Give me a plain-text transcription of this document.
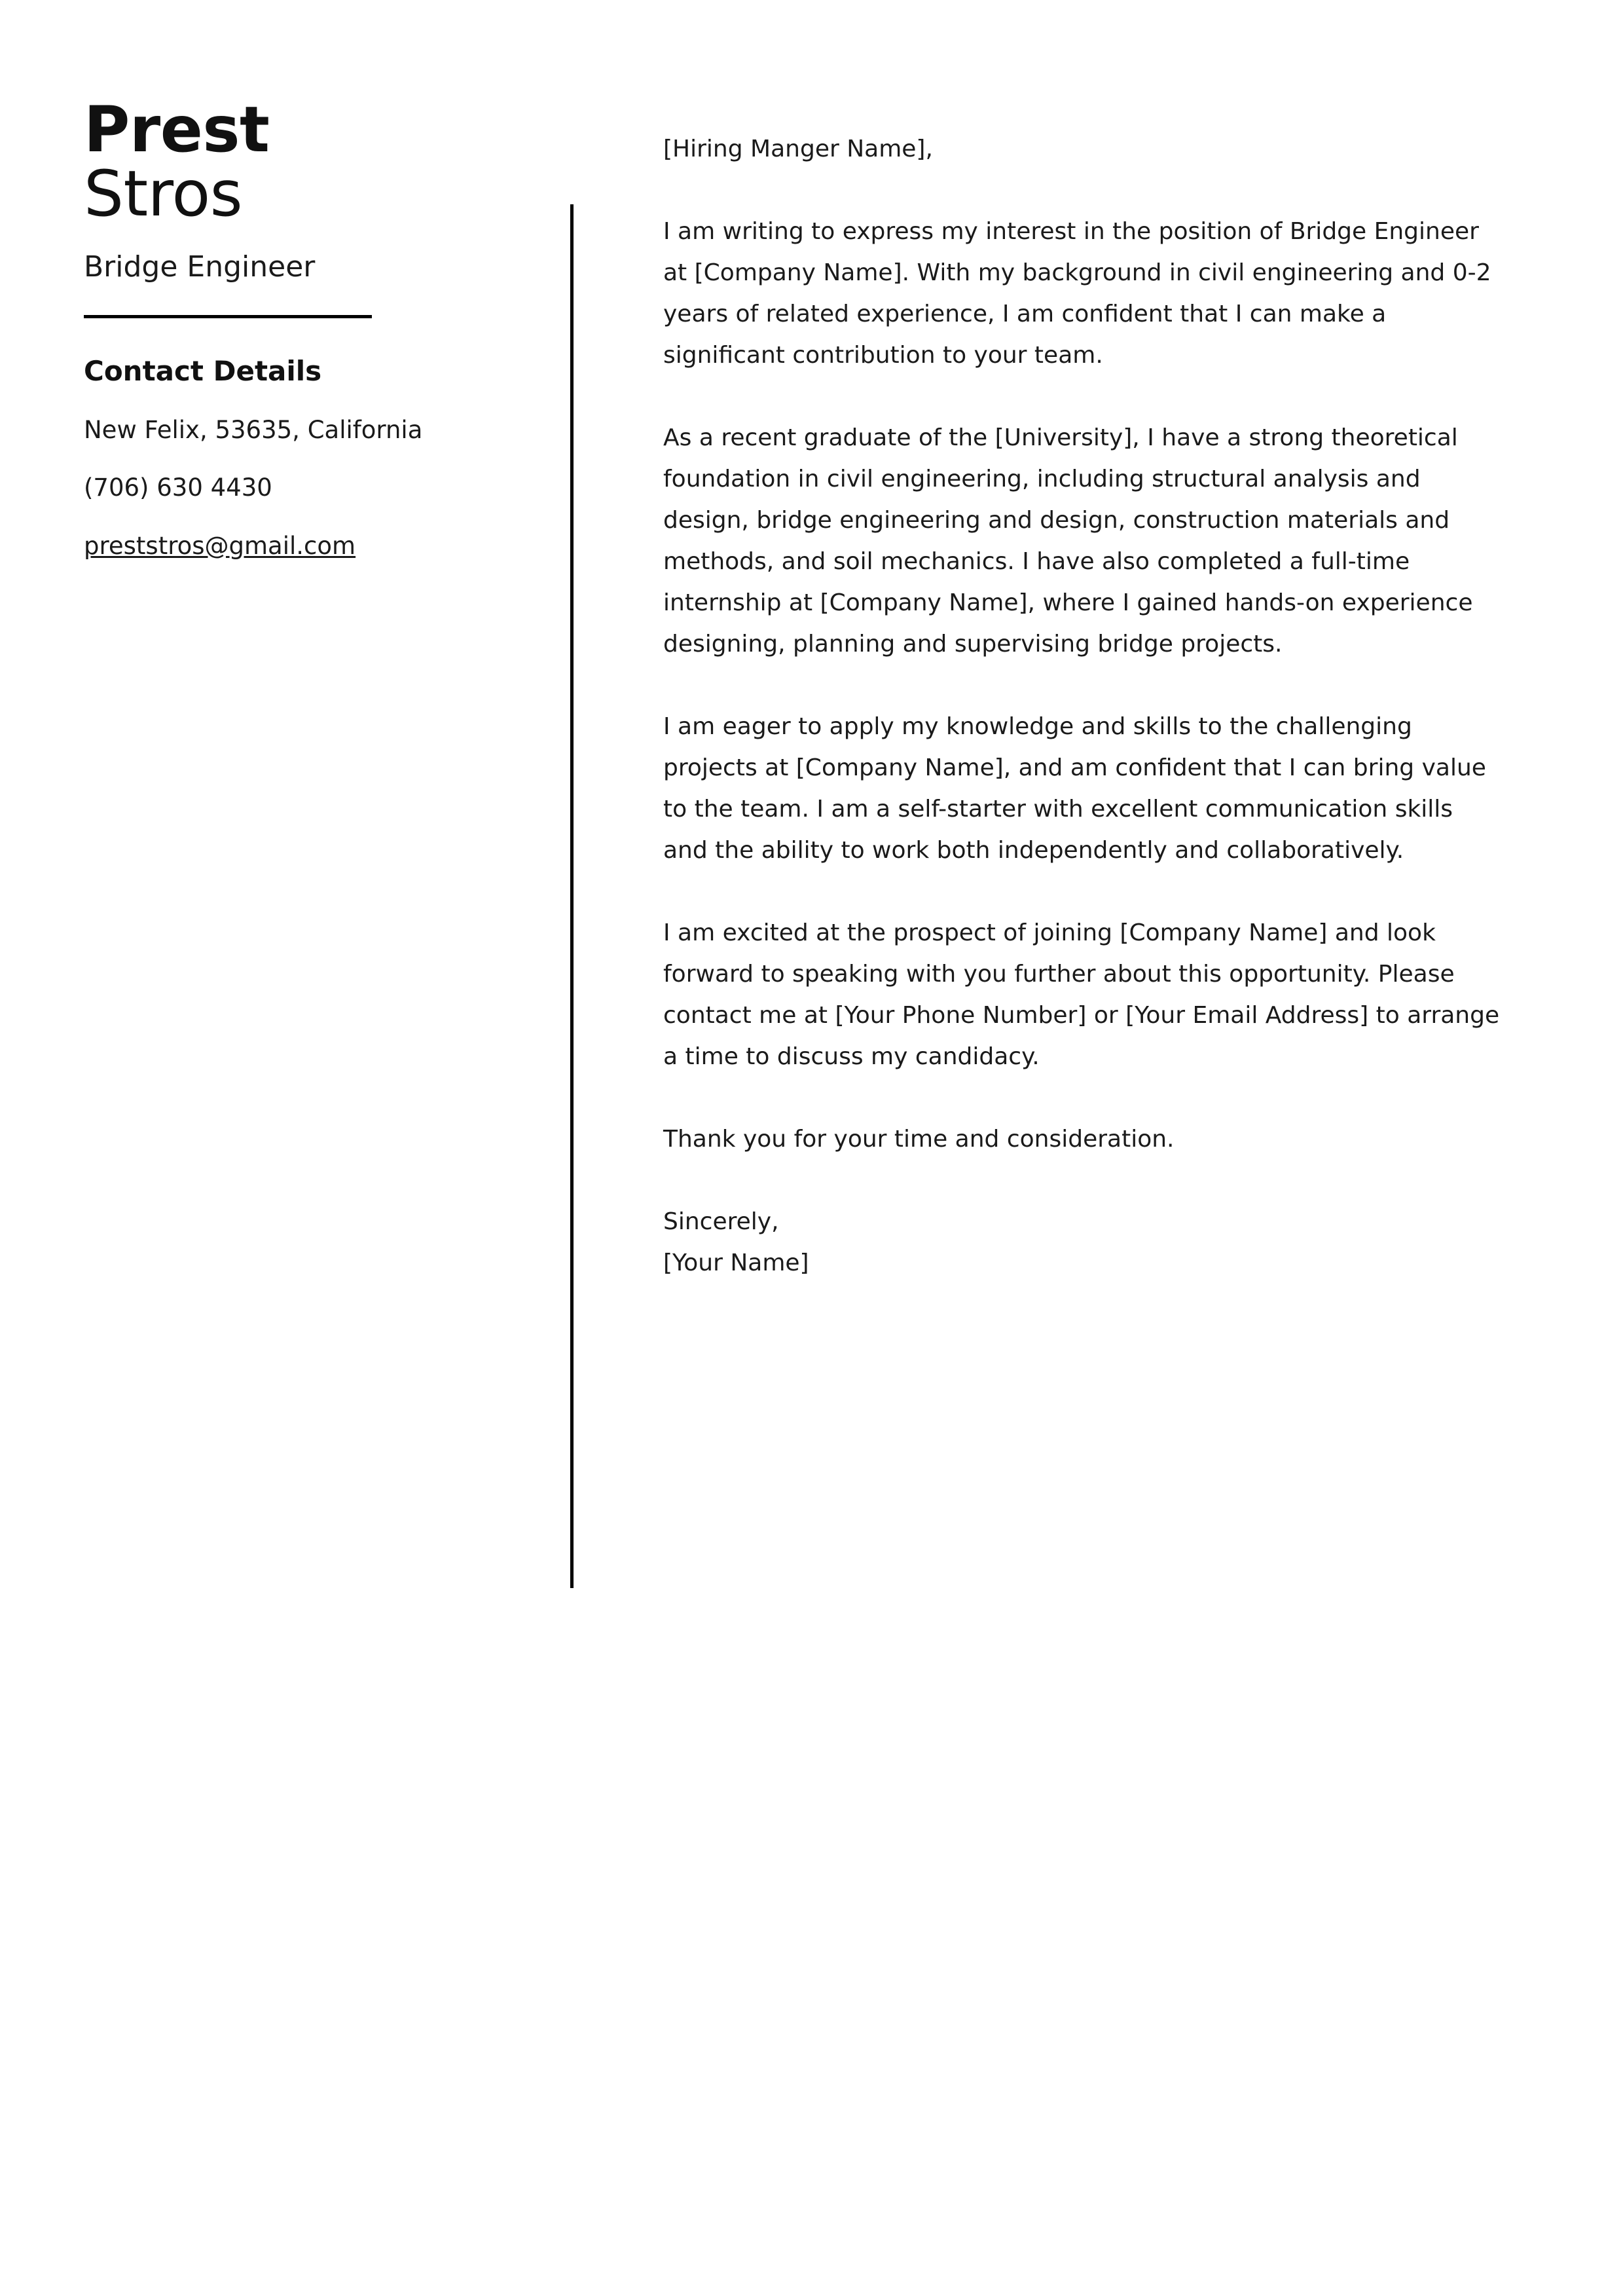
Prest
Stros
Bridge Engineer
Contact Details
New Felix, 53635, California
(706) 630 4430
preststros@gmail.com

[Hiring Manger Name],

I am writing to express my interest in the position of Bridge Engineer at [Company Name]. With my background in civil engineering and 0-2 years of related experience, I am confident that I can make a significant contribution to your team.

As a recent graduate of the [University], I have a strong theoretical foundation in civil engineering, including structural analysis and design, bridge engineering and design, construction materials and methods, and soil mechanics. I have also completed a full-time internship at [Company Name], where I gained hands-on experience designing, planning and supervising bridge projects.

I am eager to apply my knowledge and skills to the challenging projects at [Company Name], and am confident that I can bring value to the team. I am a self-starter with excellent communication skills and the ability to work both independently and collaboratively.

I am excited at the prospect of joining [Company Name] and look forward to speaking with you further about this opportunity. Please contact me at [Your Phone Number] or [Your Email Address] to arrange a time to discuss my candidacy.

Thank you for your time and consideration.

Sincerely,
[Your Name]
